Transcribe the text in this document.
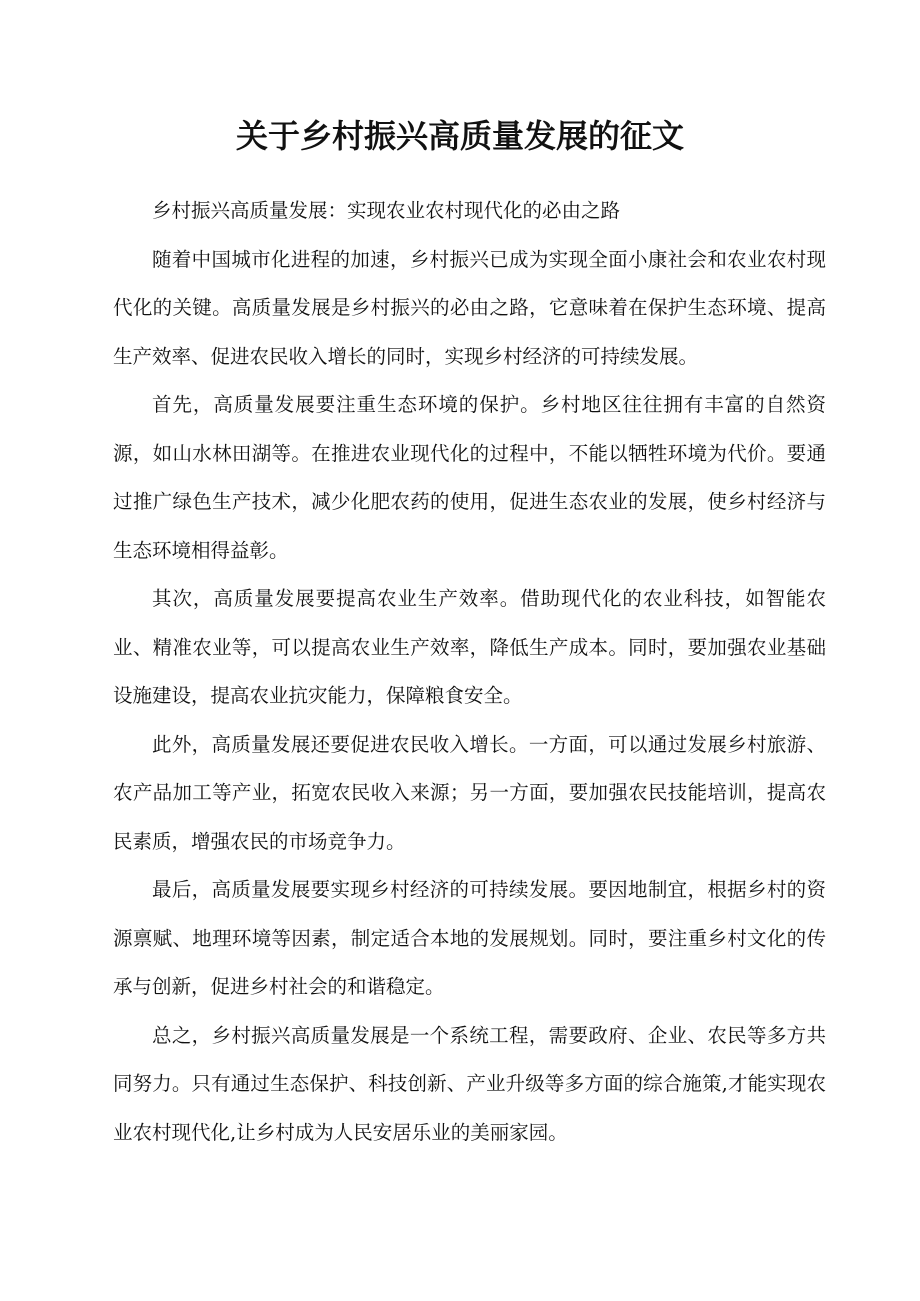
关于乡村振兴高质量发展的征文

乡村振兴高质量发展：实现农业农村现代化的必由之路

随着中国城市化进程的加速，乡村振兴已成为实现全面小康社会和农业农村现代化的关键。高质量发展是乡村振兴的必由之路，它意味着在保护生态环境、提高生产效率、促进农民收入增长的同时，实现乡村经济的可持续发展。

首先，高质量发展要注重生态环境的保护。乡村地区往往拥有丰富的自然资源，如山水林田湖等。在推进农业现代化的过程中，不能以牺牲环境为代价。要通过推广绿色生产技术，减少化肥农药的使用，促进生态农业的发展，使乡村经济与生态环境相得益彰。

其次，高质量发展要提高农业生产效率。借助现代化的农业科技，如智能农业、精准农业等，可以提高农业生产效率，降低生产成本。同时，要加强农业基础设施建设，提高农业抗灾能力，保障粮食安全。

此外，高质量发展还要促进农民收入增长。一方面，可以通过发展乡村旅游、农产品加工等产业，拓宽农民收入来源；另一方面，要加强农民技能培训，提高农民素质，增强农民的市场竞争力。

最后，高质量发展要实现乡村经济的可持续发展。要因地制宜，根据乡村的资源禀赋、地理环境等因素，制定适合本地的发展规划。同时，要注重乡村文化的传承与创新，促进乡村社会的和谐稳定。

总之，乡村振兴高质量发展是一个系统工程，需要政府、企业、农民等多方共同努力。只有通过生态保护、科技创新、产业升级等多方面的综合施策,才能实现农业农村现代化,让乡村成为人民安居乐业的美丽家园。
